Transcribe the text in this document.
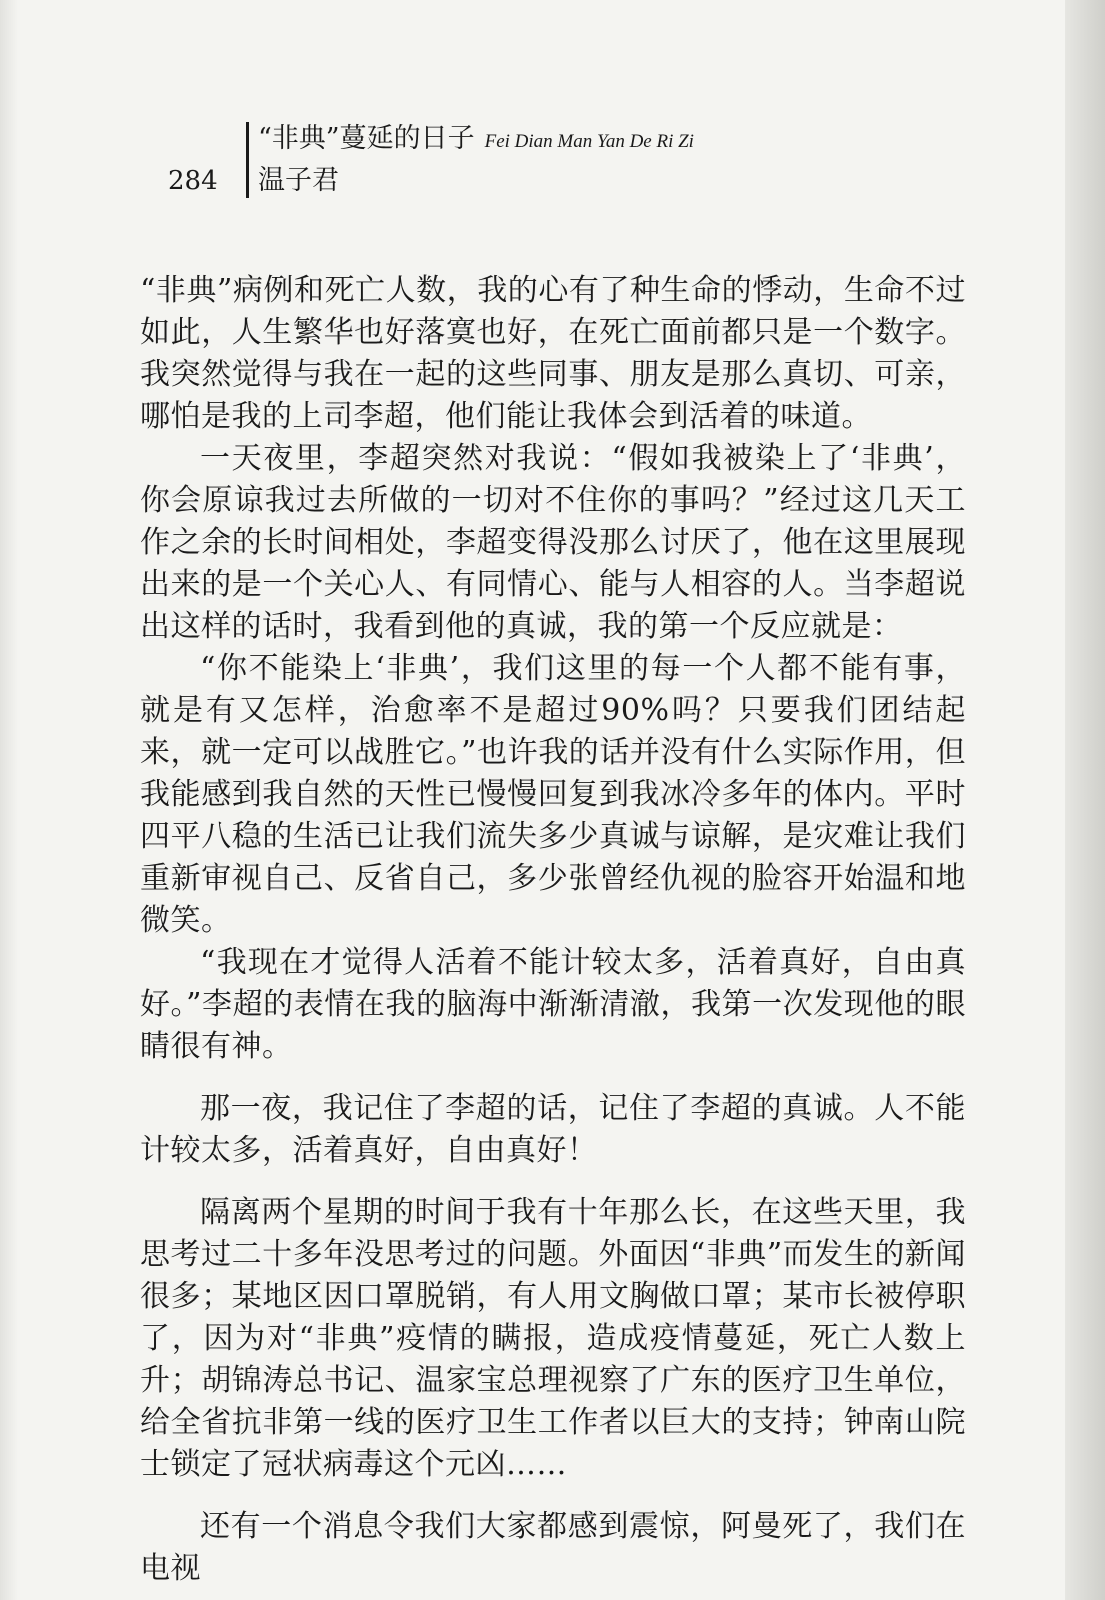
284
“非典”蔓延的日子 Fei Dian Man Yan De Ri Zi
温子君

“非典”病例和死亡人数，我的心有了种生命的悸动，生命不过如此，人生繁华也好落寞也好，在死亡面前都只是一个数字。我突然觉得与我在一起的这些同事、朋友是那么真切、可亲，哪怕是我的上司李超，他们能让我体会到活着的味道。

一天夜里，李超突然对我说：“假如我被染上了‘非典’，你会原谅我过去所做的一切对不住你的事吗？”经过这几天工作之余的长时间相处，李超变得没那么讨厌了，他在这里展现出来的是一个关心人、有同情心、能与人相容的人。当李超说出这样的话时，我看到他的真诚，我的第一个反应就是：

“你不能染上‘非典’，我们这里的每一个人都不能有事，就是有又怎样，治愈率不是超过90%吗？只要我们团结起来，就一定可以战胜它。”也许我的话并没有什么实际作用，但我能感到我自然的天性已慢慢回复到我冰冷多年的体内。平时四平八稳的生活已让我们流失多少真诚与谅解，是灾难让我们重新审视自己、反省自己，多少张曾经仇视的脸容开始温和地微笑。

“我现在才觉得人活着不能计较太多，活着真好，自由真好。”李超的表情在我的脑海中渐渐清澈，我第一次发现他的眼睛很有神。

那一夜，我记住了李超的话，记住了李超的真诚。人不能计较太多，活着真好，自由真好！

隔离两个星期的时间于我有十年那么长，在这些天里，我思考过二十多年没思考过的问题。外面因“非典”而发生的新闻很多；某地区因口罩脱销，有人用文胸做口罩；某市长被停职了，因为对“非典”疫情的瞒报，造成疫情蔓延，死亡人数上升；胡锦涛总书记、温家宝总理视察了广东的医疗卫生单位，给全省抗非第一线的医疗卫生工作者以巨大的支持；钟南山院士锁定了冠状病毒这个元凶……

还有一个消息令我们大家都感到震惊，阿曼死了，我们在电视
